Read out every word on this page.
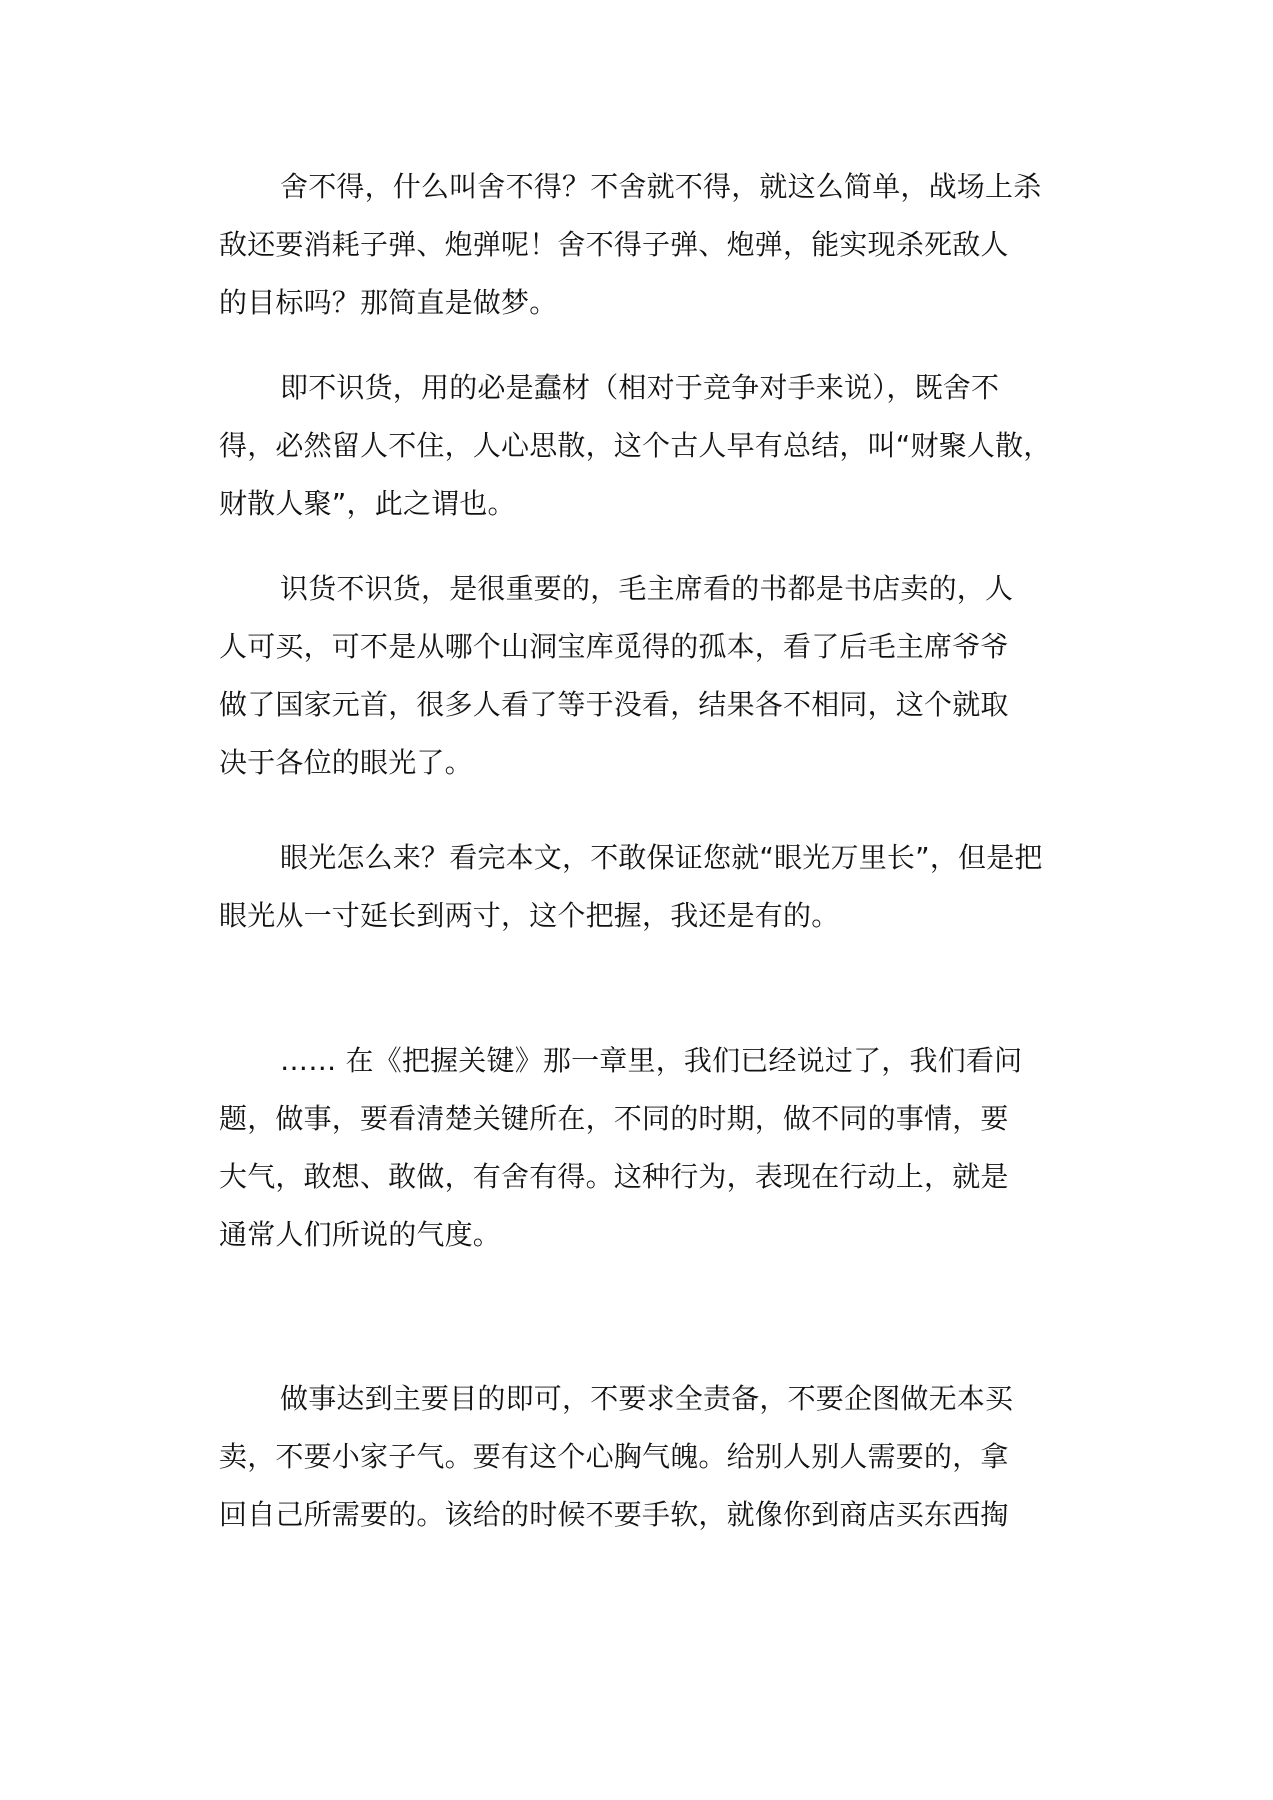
舍不得，什么叫舍不得？不舍就不得，就这么简单，战场上杀
敌还要消耗子弹、炮弹呢！舍不得子弹、炮弹，能实现杀死敌人
的目标吗？那简直是做梦。
即不识货，用的必是蠢材（相对于竞争对手来说），既舍不
得，必然留人不住，人心思散，这个古人早有总结，叫“财聚人散，
财散人聚”，此之谓也。
识货不识货，是很重要的，毛主席看的书都是书店卖的，人
人可买，可不是从哪个山洞宝库觅得的孤本，看了后毛主席爷爷
做了国家元首，很多人看了等于没看，结果各不相同，这个就取
决于各位的眼光了。
眼光怎么来？看完本文，不敢保证您就“眼光万里长”，但是把
眼光从一寸延长到两寸，这个把握，我还是有的。
…… 在《把握关键》那一章里，我们已经说过了，我们看问
题，做事，要看清楚关键所在，不同的时期，做不同的事情，要
大气，敢想、敢做，有舍有得。这种行为，表现在行动上，就是
通常人们所说的气度。
做事达到主要目的即可，不要求全责备，不要企图做无本买
卖，不要小家子气。要有这个心胸气魄。给别人别人需要的，拿
回自己所需要的。该给的时候不要手软，就像你到商店买东西掏
